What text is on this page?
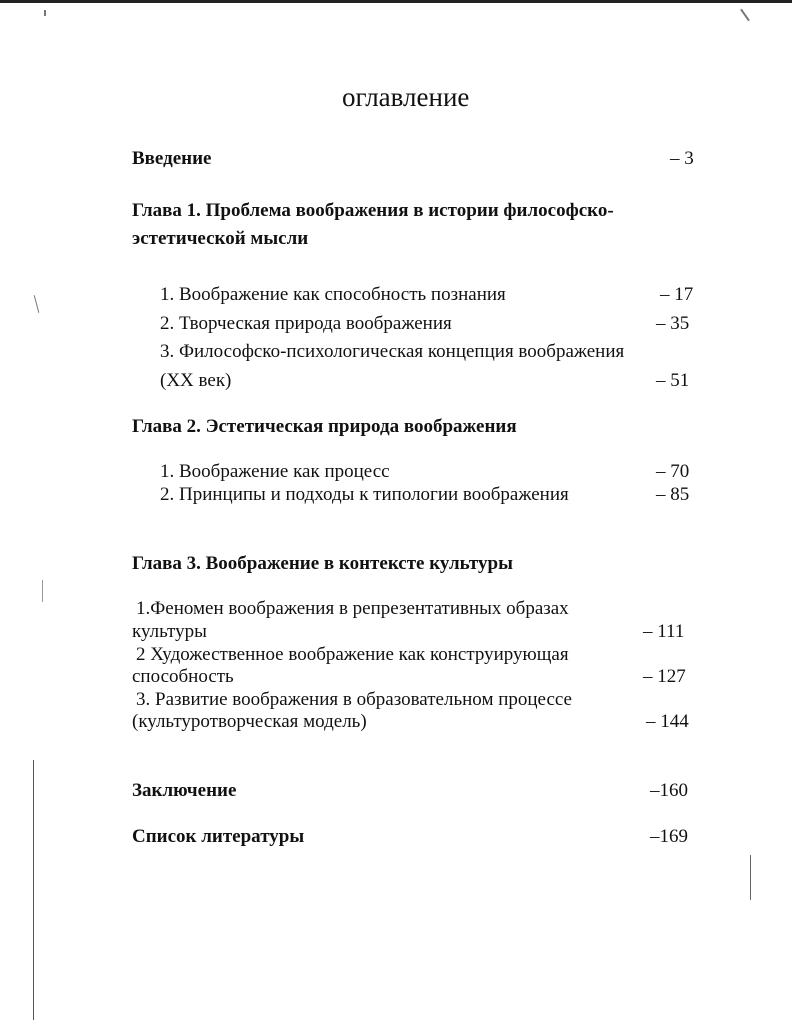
оглавление
Введение	– 3
Глава 1. Проблема воображения в истории философско-
эстетической мысли
1. Воображение как способность познания	– 17
2. Творческая природа воображения	– 35
3. Философско-психологическая концепция воображения
(XX век)	– 51
Глава 2. Эстетическая природа воображения
1. Воображение как процесс	– 70
2. Принципы и подходы к типологии воображения	– 85
Глава 3. Воображение в контексте культуры
1.Феномен воображения в репрезентативных образах
культуры	– 111
2 Художественное воображение как конструирующая
способность	– 127
3. Развитие воображения в образовательном процессе
(культуротворческая модель)	– 144
Заключение	–160
Список литературы	–169
